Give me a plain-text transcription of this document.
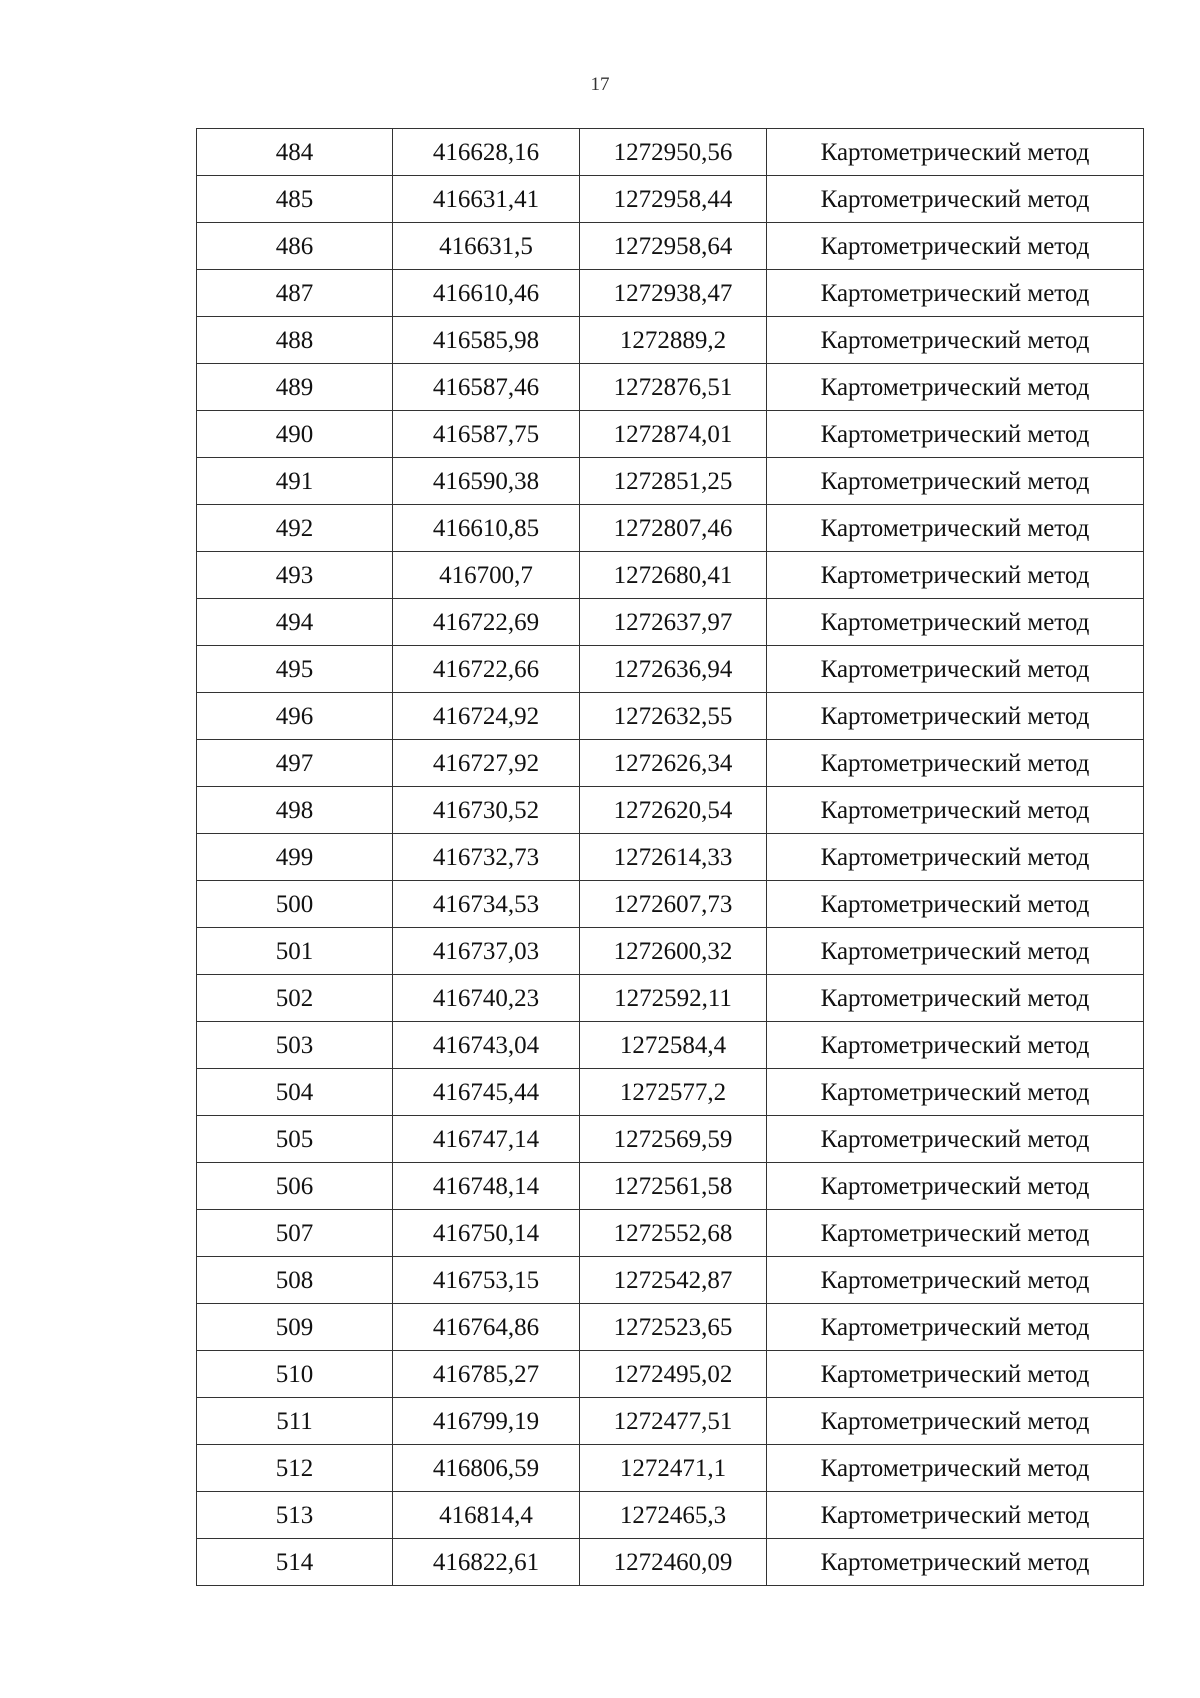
17
484	416628,16	1272950,56	Картометрический метод
485	416631,41	1272958,44	Картометрический метод
486	416631,5	1272958,64	Картометрический метод
487	416610,46	1272938,47	Картометрический метод
488	416585,98	1272889,2	Картометрический метод
489	416587,46	1272876,51	Картометрический метод
490	416587,75	1272874,01	Картометрический метод
491	416590,38	1272851,25	Картометрический метод
492	416610,85	1272807,46	Картометрический метод
493	416700,7	1272680,41	Картометрический метод
494	416722,69	1272637,97	Картометрический метод
495	416722,66	1272636,94	Картометрический метод
496	416724,92	1272632,55	Картометрический метод
497	416727,92	1272626,34	Картометрический метод
498	416730,52	1272620,54	Картометрический метод
499	416732,73	1272614,33	Картометрический метод
500	416734,53	1272607,73	Картометрический метод
501	416737,03	1272600,32	Картометрический метод
502	416740,23	1272592,11	Картометрический метод
503	416743,04	1272584,4	Картометрический метод
504	416745,44	1272577,2	Картометрический метод
505	416747,14	1272569,59	Картометрический метод
506	416748,14	1272561,58	Картометрический метод
507	416750,14	1272552,68	Картометрический метод
508	416753,15	1272542,87	Картометрический метод
509	416764,86	1272523,65	Картометрический метод
510	416785,27	1272495,02	Картометрический метод
511	416799,19	1272477,51	Картометрический метод
512	416806,59	1272471,1	Картометрический метод
513	416814,4	1272465,3	Картометрический метод
514	416822,61	1272460,09	Картометрический метод
